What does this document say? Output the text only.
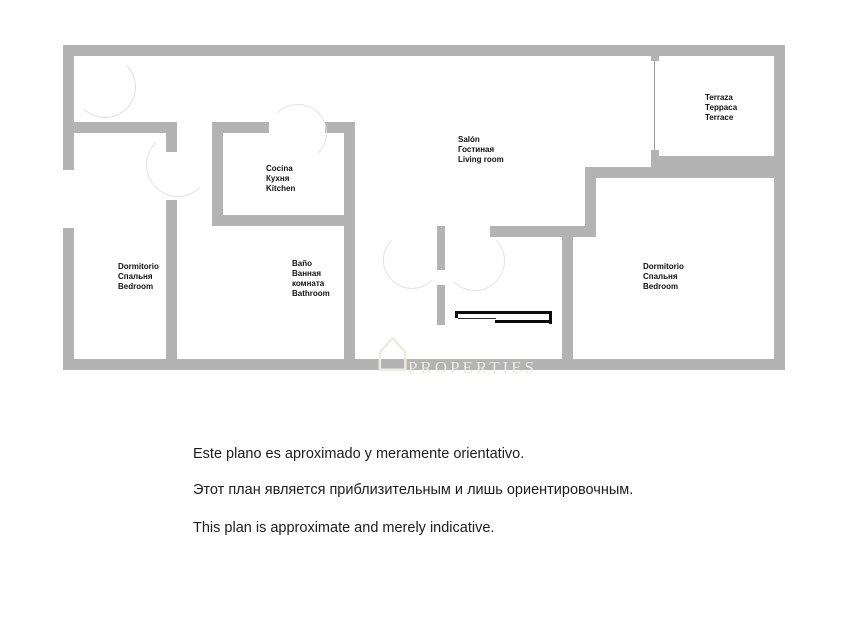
Dormitorio
Спальня
Bedroom
Cocina
Кухня
Kitchen
Baño
Ванная
комната
Bathroom
Salón
Гостиная
Living room
Terraza
Терраса
Terrace
Dormitorio
Спальня
Bedroom
⌂
PROPERTIES
Este plano es aproximado y meramente orientativo.
Этот план является приблизительным и лишь ориентировочным.
This plan is approximate and merely indicative.
